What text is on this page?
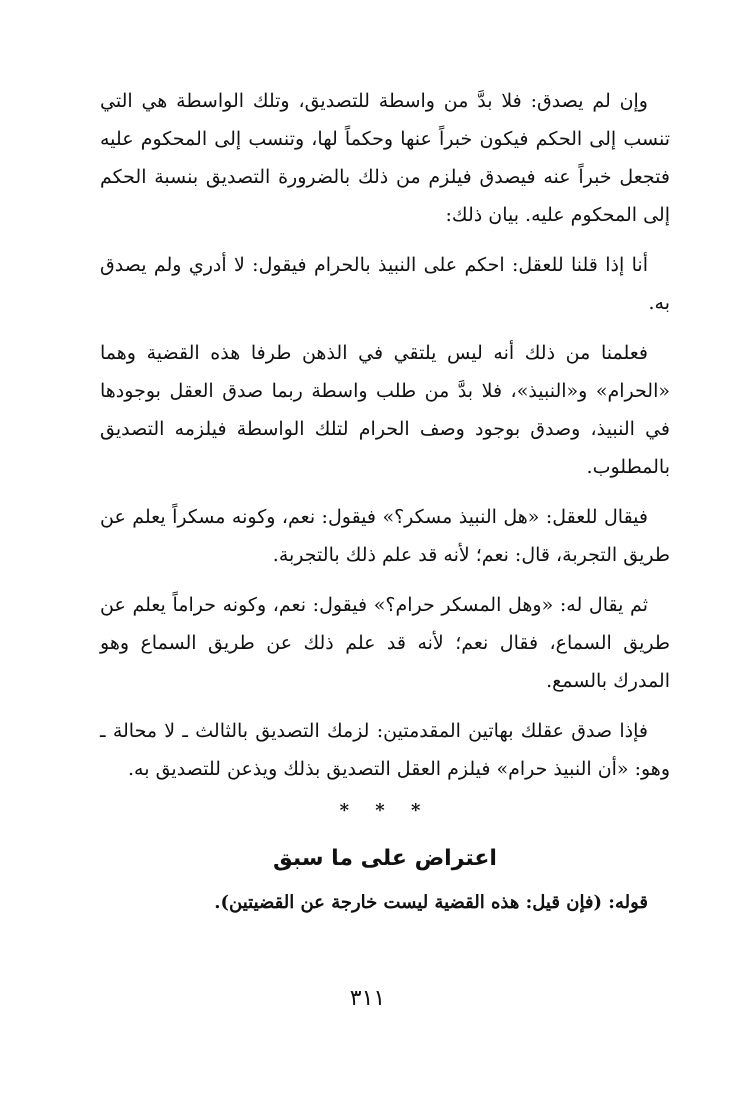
وإن لم يصدق: فلا بدَّ من واسطة للتصديق، وتلك الواسطة هي التي تنسب إلى الحكم فيكون خبراً عنها وحكماً لها، وتنسب إلى المحكوم عليه فتجعل خبراً عنه فيصدق فيلزم من ذلك بالضرورة التصديق بنسبة الحكم إلى المحكوم عليه. بيان ذلك:

أنا إذا قلنا للعقل: احكم على النبيذ بالحرام فيقول: لا أدري ولم يصدق به.

فعلمنا من ذلك أنه ليس يلتقي في الذهن طرفا هذه القضية وهما «الحرام» و«النبيذ»، فلا بدَّ من طلب واسطة ربما صدق العقل بوجودها في النبيذ، وصدق بوجود وصف الحرام لتلك الواسطة فيلزمه التصديق بالمطلوب.

فيقال للعقل: «هل النبيذ مسكر؟» فيقول: نعم، وكونه مسكراً يعلم عن طريق التجربة، قال: نعم؛ لأنه قد علم ذلك بالتجربة.

ثم يقال له: «وهل المسكر حرام؟» فيقول: نعم، وكونه حراماً يعلم عن طريق السماع، فقال نعم؛ لأنه قد علم ذلك عن طريق السماع وهو المدرك بالسمع.

فإذا صدق عقلك بهاتين المقدمتين: لزمك التصديق بالثالث ـ لا محالة ـ وهو: «أن النبيذ حرام» فيلزم العقل التصديق بذلك ويذعن للتصديق به.

* * *
اعتراض على ما سبق

قوله: (فإن قيل: هذه القضية ليست خارجة عن القضيتين).

٣١١
